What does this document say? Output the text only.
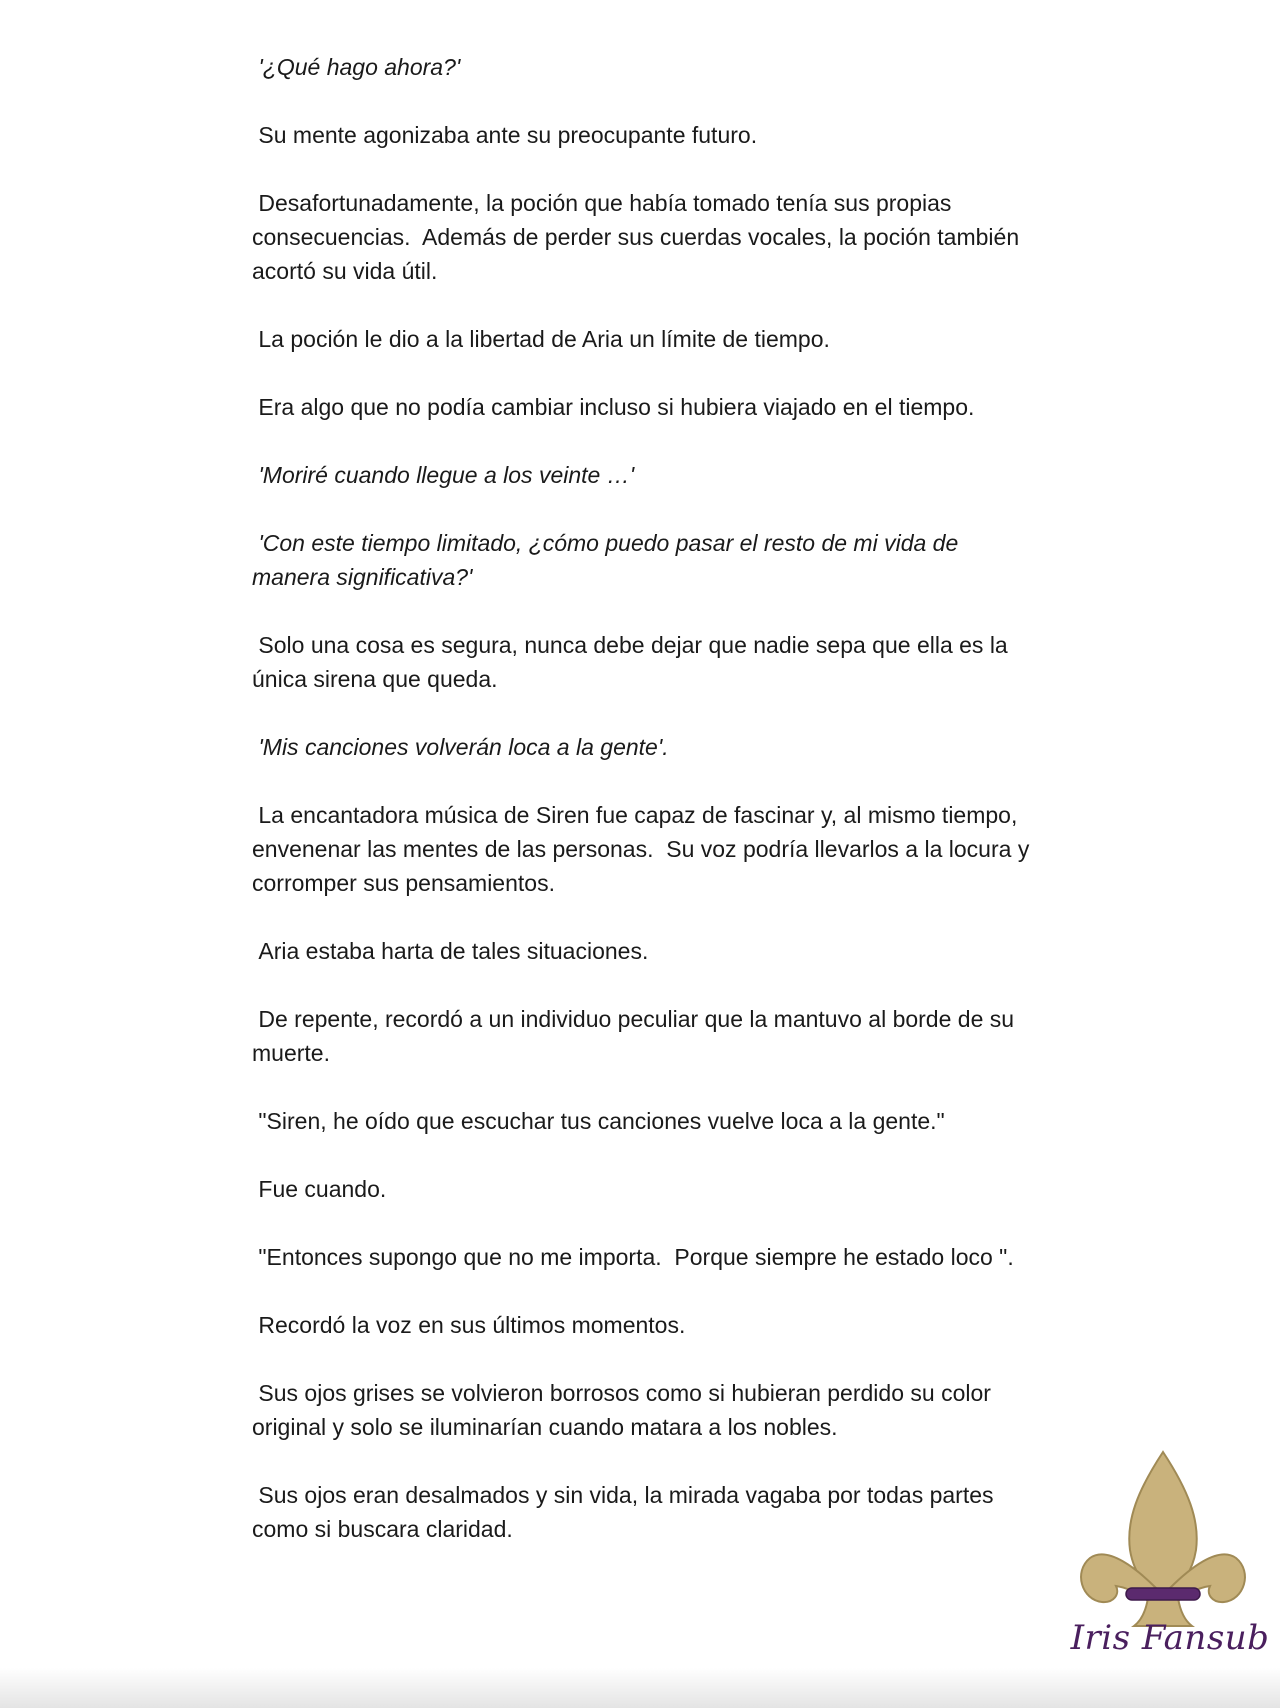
'¿Qué hago ahora?'

Su mente agonizaba ante su preocupante futuro.

Desafortunadamente, la poción que había tomado tenía sus propias consecuencias.  Además de perder sus cuerdas vocales, la poción también acortó su vida útil.

La poción le dio a la libertad de Aria un límite de tiempo.

Era algo que no podía cambiar incluso si hubiera viajado en el tiempo.

'Moriré cuando llegue a los veinte …'

'Con este tiempo limitado, ¿cómo puedo pasar el resto de mi vida de manera significativa?'

Solo una cosa es segura, nunca debe dejar que nadie sepa que ella es la única sirena que queda.

'Mis canciones volverán loca a la gente'.

La encantadora música de Siren fue capaz de fascinar y, al mismo tiempo, envenenar las mentes de las personas.  Su voz podría llevarlos a la locura y corromper sus pensamientos.

Aria estaba harta de tales situaciones.

De repente, recordó a un individuo peculiar que la mantuvo al borde de su muerte.

"Siren, he oído que escuchar tus canciones vuelve loca a la gente."

Fue cuando.

"Entonces supongo que no me importa.  Porque siempre he estado loco ".

Recordó la voz en sus últimos momentos.

Sus ojos grises se volvieron borrosos como si hubieran perdido su color original y solo se iluminarían cuando matara a los nobles.

Sus ojos eran desalmados y sin vida, la mirada vagaba por todas partes como si buscara claridad.

Iris Fansub
